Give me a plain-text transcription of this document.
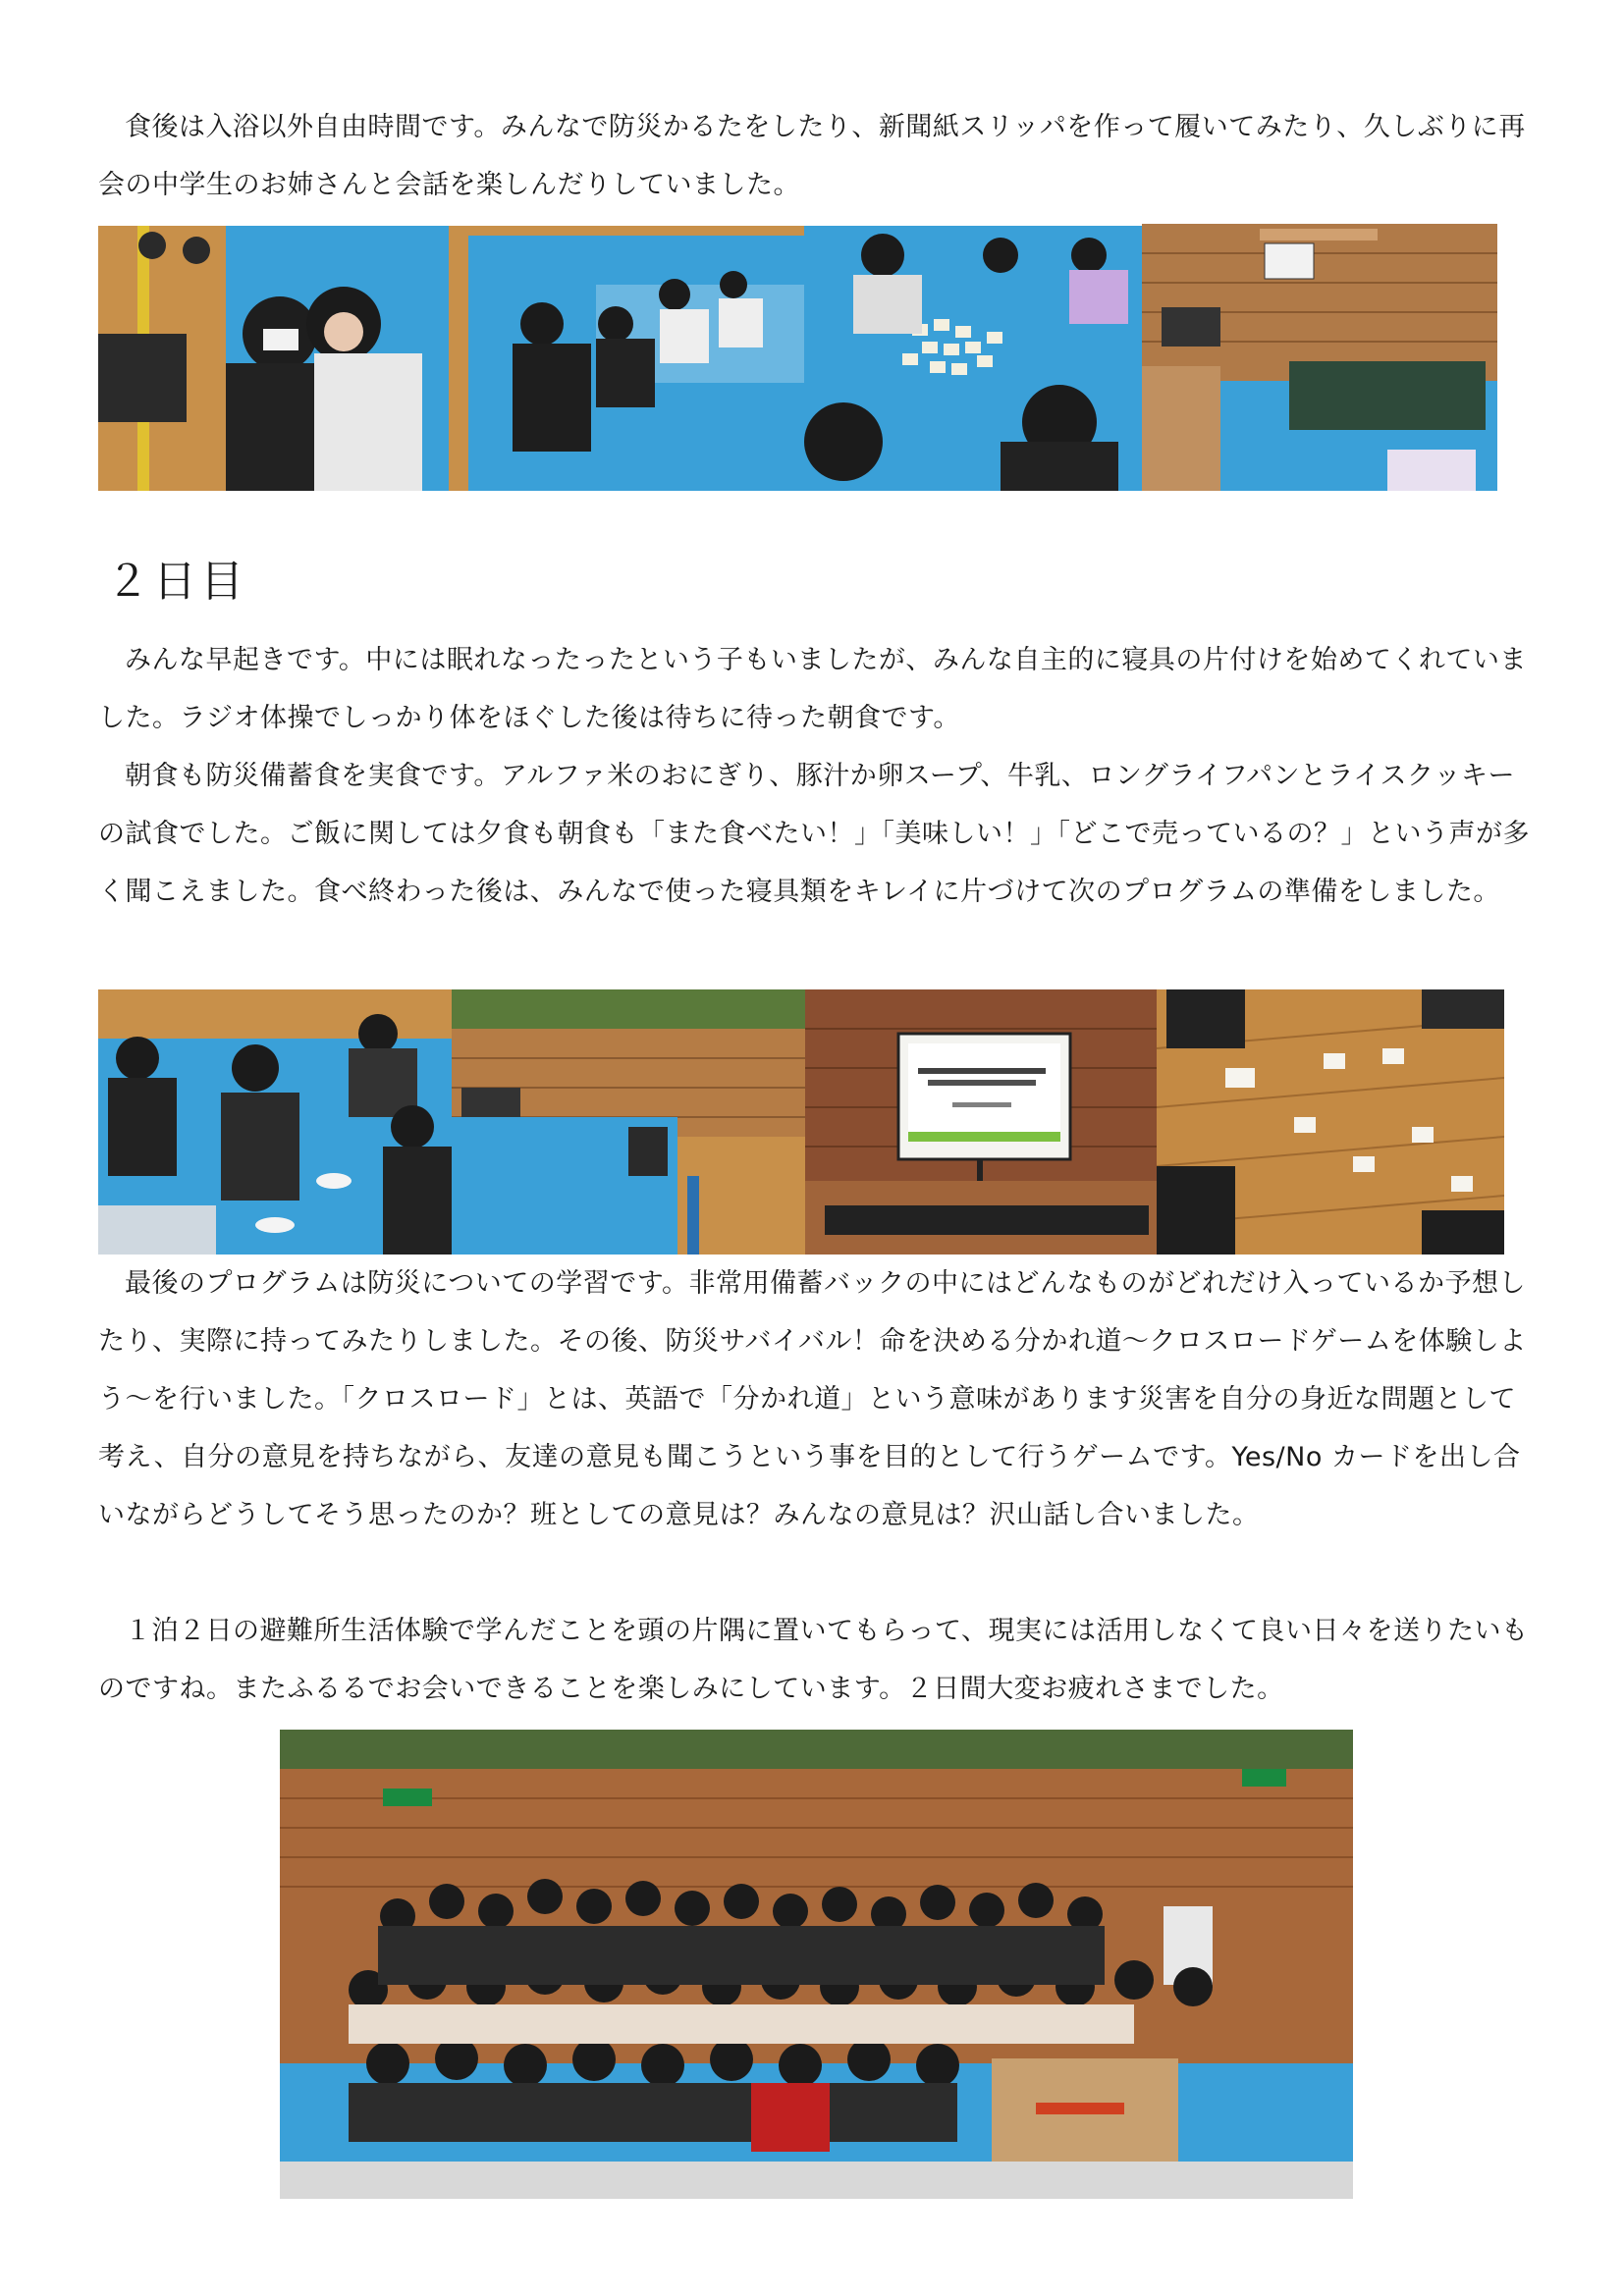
食後は入浴以外自由時間です。みんなで防災かるたをしたり、新聞紙スリッパを作って履いてみたり、久しぶりに再会の中学生のお姉さんと会話を楽しんだりしていました。

２日目

みんな早起きです。中には眠れなったったという子もいましたが、みんな自主的に寝具の片付けを始めてくれていました。ラジオ体操でしっかり体をほぐした後は待ちに待った朝食です。

朝食も防災備蓄食を実食です。アルファ米のおにぎり、豚汁か卵スープ、牛乳、ロングライフパンとライスクッキーの試食でした。ご飯に関しては夕食も朝食も「また食べたい！」「美味しい！」「どこで売っているの？」という声が多く聞こえました。食べ終わった後は、みんなで使った寝具類をキレイに片づけて次のプログラムの準備をしました。

最後のプログラムは防災についての学習です。非常用備蓄バックの中にはどんなものがどれだけ入っているか予想したり、実際に持ってみたりしました。その後、防災サバイバル！命を決める分かれ道～クロスロードゲームを体験しよう～を行いました。「クロスロード」とは、英語で「分かれ道」という意味があります災害を自分の身近な問題として考え、自分の意見を持ちながら、友達の意見も聞こうという事を目的として行うゲームです。Yes/No カードを出し合いながらどうしてそう思ったのか？班としての意見は？みんなの意見は？沢山話し合いました。

１泊２日の避難所生活体験で学んだことを頭の片隅に置いてもらって、現実には活用しなくて良い日々を送りたいものですね。またふるるでお会いできることを楽しみにしています。２日間大変お疲れさまでした。
